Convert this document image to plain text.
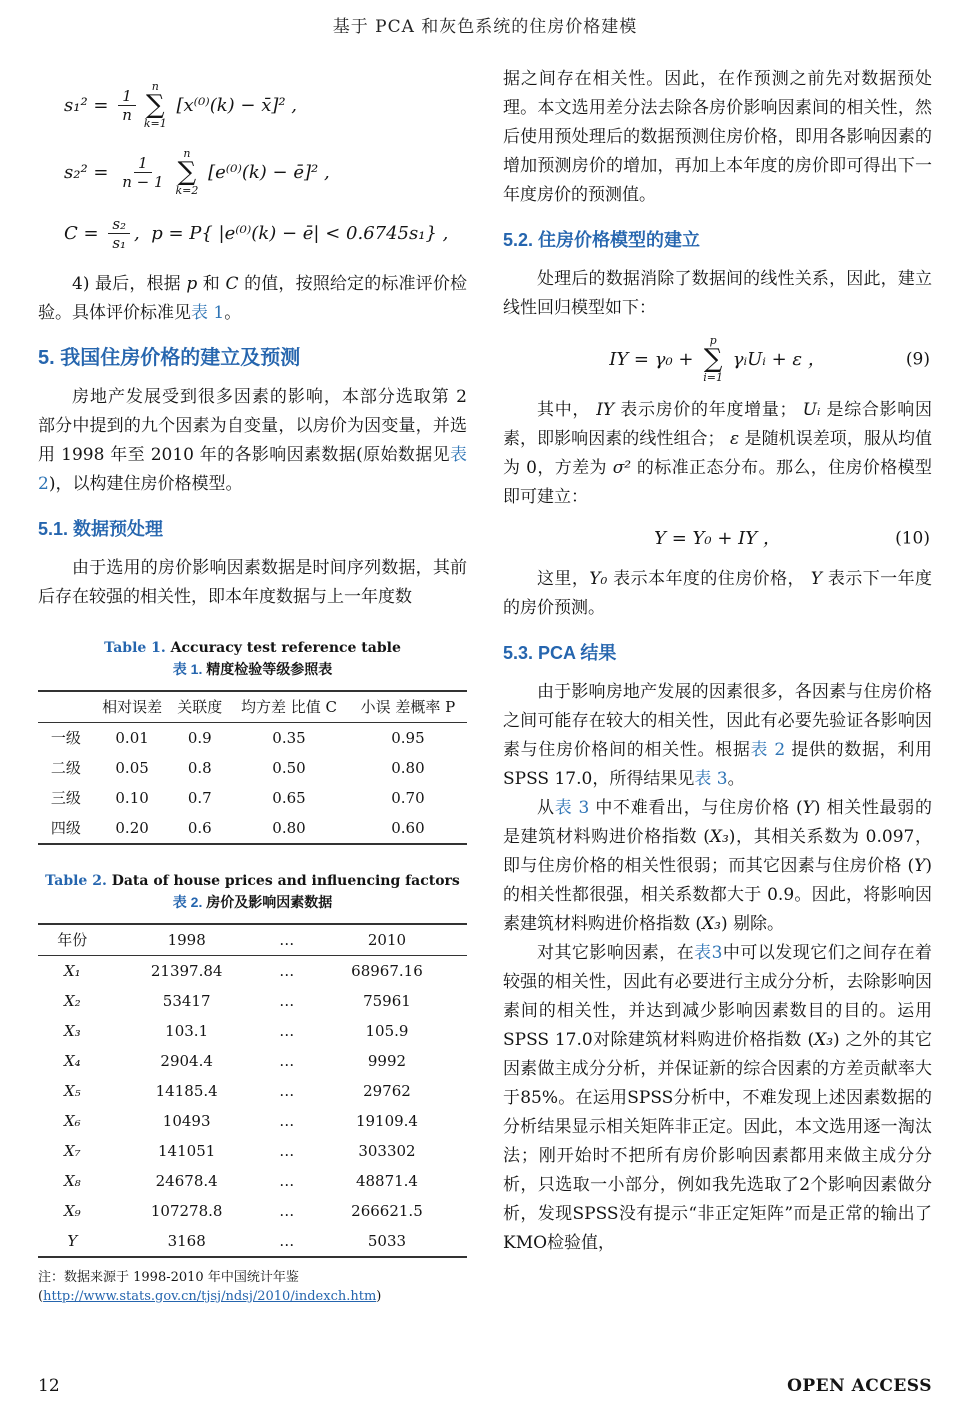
基于 PCA 和灰色系统的住房价格建模
$s_1^2 = \frac{1}{n}$
n
∑
k=1
[x⁽⁰⁾(k) − x̄]² ,
$s_2^2 = \frac{1}{n - 1}$
n
∑
k=2
[e⁽⁰⁾(k) − ē]² ,
$C = \frac{\text{s₂}}{\text{s₁}}$ ,  p = P{ |e⁽⁰⁾(k) − ē| < 0.6745s₁} ,

4) 最后，根据 p 和 C 的值，按照给定的标准评价检验。具体评价标准见表 1。

5. 我国住房价格的建立及预测

房地产发展受到很多因素的影响，本部分选取第 2 部分中提到的九个因素为自变量，以房价为因变量，并选用 1998 年至 2010 年的各影响因素数据(原始数据见表 2)，以构建住房价格模型。

5.1. 数据预处理

由于选用的房价影响因素数据是时间序列数据，其前后存在较强的相关性，即本年度数据与上一年度数

Table 1. Accuracy test reference table
表 1. 精度检验等级参照表
	相对误差	关联度	均方差 比值 C	小误 差概率 P
一级	0.01	0.9	0.35	0.95
二级	0.05	0.8	0.50	0.80
三级	0.10	0.7	0.65	0.70
四级	0.20	0.6	0.80	0.60
Table 2. Data of house prices and influencing factors
表 2. 房价及影响因素数据
年份	1998	…	2010
X₁	21397.84	…	68967.16
X₂	53417	…	75961
X₃	103.1	…	105.9
X₄	2904.4	…	9992
X₅	14185.4	…	29762
X₆	10493	…	19109.4
X₇	141051	…	303302
X₈	24678.4	…	48871.4
X₉	107278.8	…	266621.5
Y	3168	…	5033
注：数据来源于 1998-2010 年中国统计年鉴 (http://www.stats.gov.cn/tjsj/ndsj/2010/indexch.htm)

据之间存在相关性。因此，在作预测之前先对数据预处理。本文选用差分法去除各房价影响因素间的相关性，然后使用预处理后的数据预测住房价格，即用各影响因素的增加预测房价的增加，再加上本年度的房价即可得出下一年度房价的预测值。

5.2. 住房价格模型的建立

处理后的数据消除了数据间的线性关系，因此，建立线性回归模型如下：

IY = γ₀ +
p
∑
i=1
γᵢUᵢ + ε ，	(9)

其中， IY 表示房价的年度增量； Uᵢ 是综合影响因素，即影响因素的线性组合； ε 是随机误差项，服从均值为 0，方差为 σ² 的标准正态分布。那么，住房价格模型即可建立：

Y = Y₀ + IY ，	(10)

这里，Y₀ 表示本年度的住房价格， Y 表示下一年度的房价预测。

5.3. PCA 结果

由于影响房地产发展的因素很多，各因素与住房价格之间可能存在较大的相关性，因此有必要先验证各影响因素与住房价格间的相关性。根据表 2 提供的数据，利用 SPSS 17.0，所得结果见表 3。

从表 3 中不难看出，与住房价格 (Y) 相关性最弱的是建筑材料购进价格指数 (X₃)，其相关系数为 0.097，即与住房价格的相关性很弱；而其它因素与住房价格 (Y) 的相关性都很强，相关系数都大于 0.9。因此，将影响因素建筑材料购进价格指数 (X₃) 剔除。

对其它影响因素，在表3中可以发现它们之间存在着较强的相关性，因此有必要进行主成分分析，去除影响因素间的相关性，并达到减少影响因素数目的目的。运用SPSS 17.0对除建筑材料购进价格指数 (X₃) 之外的其它因素做主成分分析，并保证新的综合因素的方差贡献率大于85%。在运用SPSS分析中，不难发现上述因素数据的分析结果显示相关矩阵非正定。因此，本文选用逐一淘汰法；刚开始时不把所有房价影响因素都用来做主成分分析，只选取一小部分，例如我先选取了2个影响因素做分析，发现SPSS没有提示“非正定矩阵”而是正常的输出了KMO检验值，

12	OPEN ACCESS
